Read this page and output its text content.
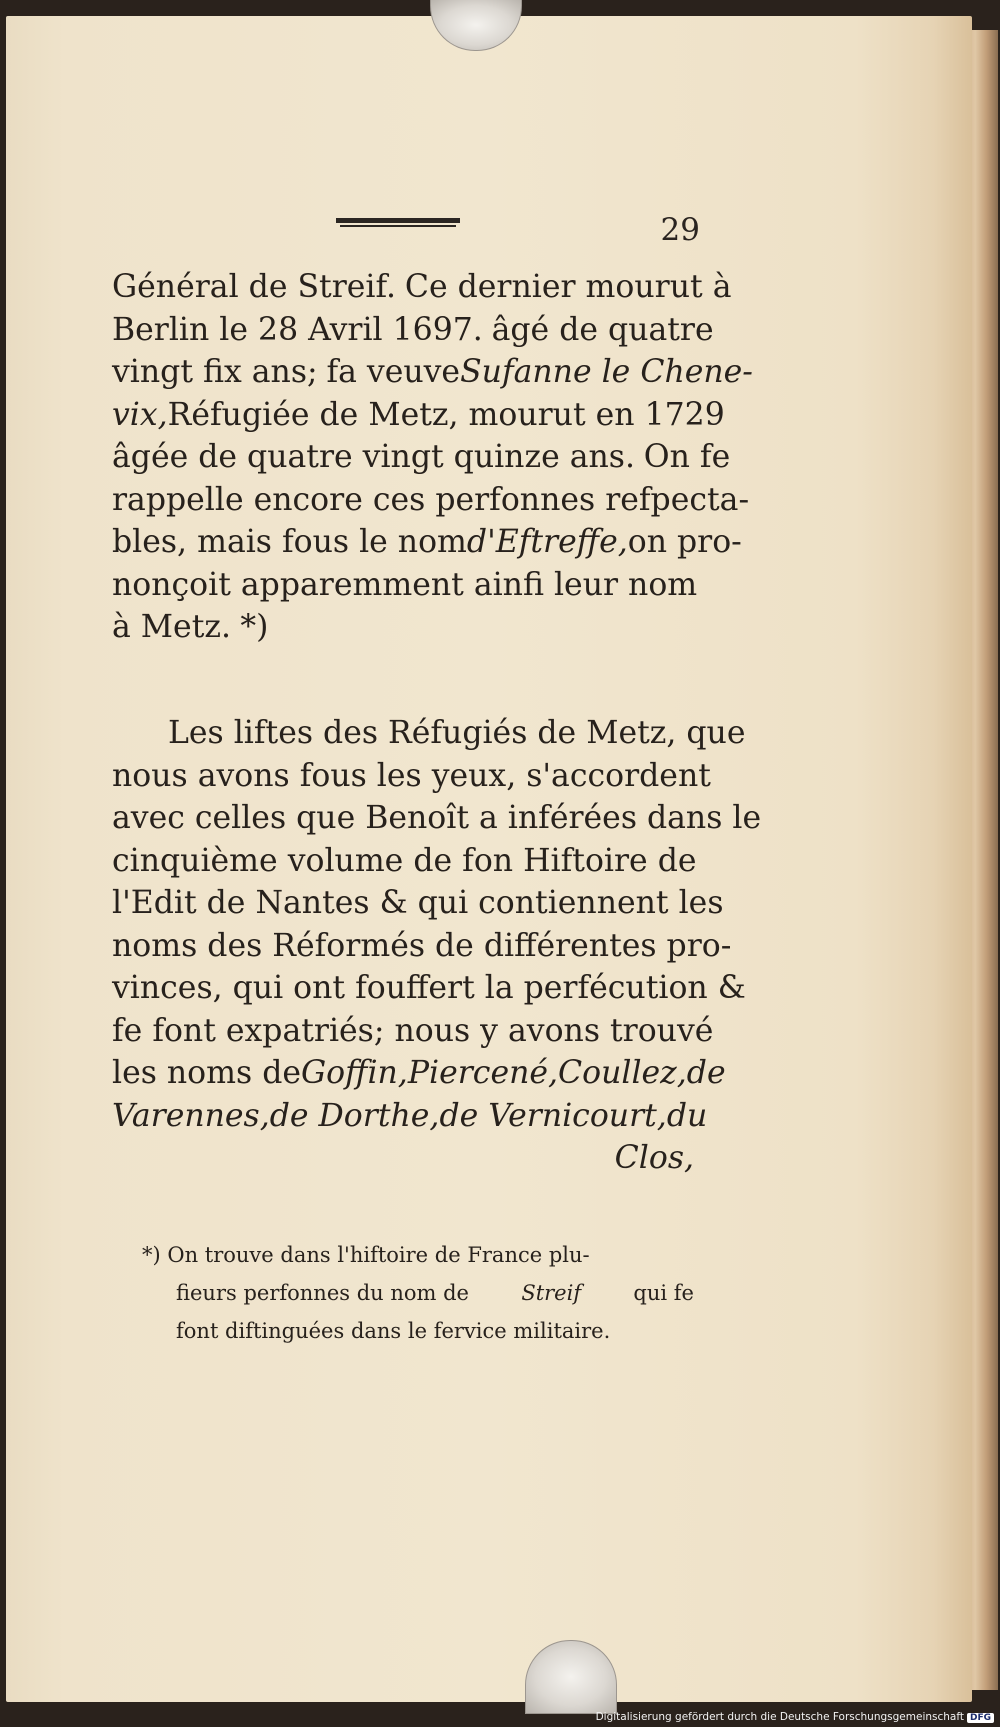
29
Général de Streif. Ce dernier mourut à
Berlin le 28 Avril 1697. âgé de quatre
vingt fix ans; fa veuve Sufanne le Chene-
vix, Réfugiée de Metz, mourut en 1729
âgée de quatre vingt quinze ans. On fe
rappelle encore ces perfonnes refpecta-
bles, mais fous le nom d'Eftreffe, on pro-
nonçoit apparemment ainfi leur nom
à Metz. *)
Les liftes des Réfugiés de Metz, que
nous avons fous les yeux, s'accordent
avec celles que Benoît a inférées dans le
cinquième volume de fon Hiftoire de
l'Edit de Nantes & qui contiennent les
noms des Réformés de différentes pro-
vinces, qui ont fouffert la perfécution &
fe font expatriés; nous y avons trouvé
les noms de Goffin, Piercené, Coullez, de
Varennes, de Dorthe, de Vernicourt, du
Clos,
*) On trouve dans l'hiftoire de France plu-
fieurs perfonnes du nom de Streif qui fe
font diftinguées dans le fervice militaire.
Digitalisierung gefördert durch die Deutsche Forschungsgemeinschaft DFG
